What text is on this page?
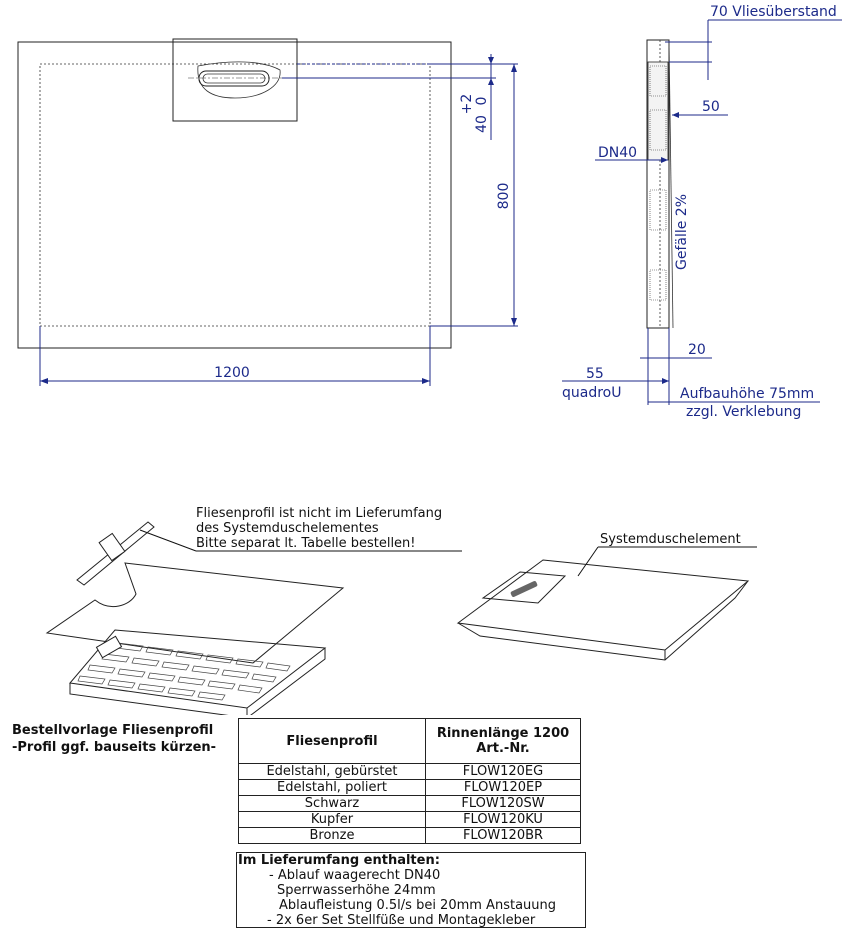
1200
800
+2 0
40
70 Vliesüberstand
50
DN40
Gefälle 2%
20
55
quadroU	Aufbauhöhe 75mm
zzgl. Verklebung
Fliesenprofil ist nicht im Lieferumfang
des Systemduschelementes
Bitte separat lt. Tabelle bestellen!	Systemduschelement
Bestellvorlage Fliesenprofil
-Profil ggf. bauseits kürzen-	Fliesenprofil	Rinnenlänge 1200
Art.-Nr.
Edelstahl, gebürstet	FLOW120EG
Edelstahl, poliert	FLOW120EP
Schwarz	FLOW120SW
Kupfer	FLOW120KU
Bronze	FLOW120BR
Im Lieferumfang enthalten:
- Ablauf waagerecht DN40
Sperrwasserhöhe 24mm
Ablaufleistung 0.5l/s bei 20mm Anstauung
- 2x 6er Set Stellfüße und Montagekleber
